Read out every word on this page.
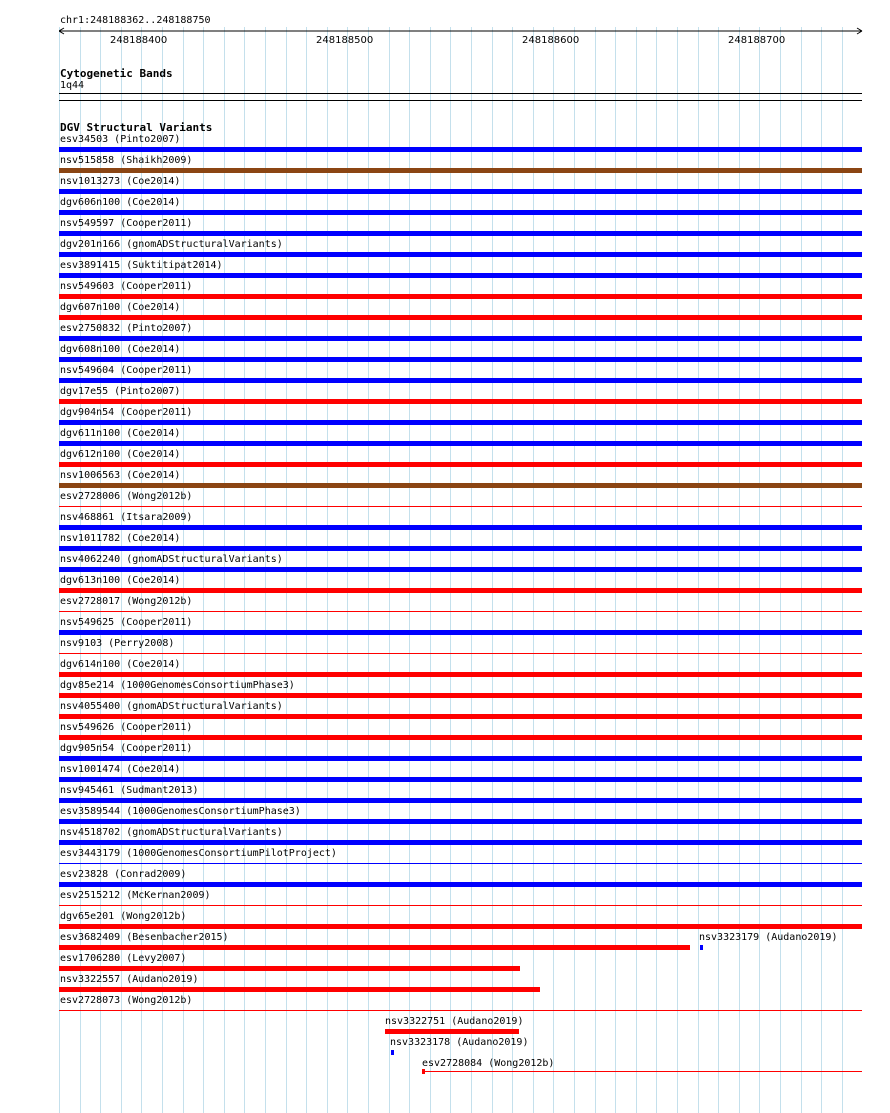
chr1:248188362..248188750
248188400	248188500	248188600	248188700
Cytogenetic Bands
1q44
DGV Structural Variants
esv34503 (Pinto2007)
nsv515858 (Shaikh2009)
nsv1013273 (Coe2014)
dgv606n100 (Coe2014)
nsv549597 (Cooper2011)
dgv201n166 (gnomADStructuralVariants)
esv3891415 (Suktitipat2014)
nsv549603 (Cooper2011)
dgv607n100 (Coe2014)
esv2750832 (Pinto2007)
dgv608n100 (Coe2014)
nsv549604 (Cooper2011)
dgv17e55 (Pinto2007)
dgv904n54 (Cooper2011)
dgv611n100 (Coe2014)
dgv612n100 (Coe2014)
nsv1006563 (Coe2014)
esv2728006 (Wong2012b)
nsv468861 (Itsara2009)
nsv1011782 (Coe2014)
nsv4062240 (gnomADStructuralVariants)
dgv613n100 (Coe2014)
esv2728017 (Wong2012b)
nsv549625 (Cooper2011)
nsv9103 (Perry2008)
dgv614n100 (Coe2014)
dgv85e214 (1000GenomesConsortiumPhase3)
nsv4055400 (gnomADStructuralVariants)
nsv549626 (Cooper2011)
dgv905n54 (Cooper2011)
nsv1001474 (Coe2014)
nsv945461 (Sudmant2013)
esv3589544 (1000GenomesConsortiumPhase3)
nsv4518702 (gnomADStructuralVariants)
esv3443179 (1000GenomesConsortiumPilotProject)
esv23828 (Conrad2009)
esv2515212 (McKernan2009)
dgv65e201 (Wong2012b)
esv3682409 (Besenbacher2015)
esv1706280 (Levy2007)
nsv3322557 (Audano2019)
esv2728073 (Wong2012b)
nsv3323179 (Audano2019)
nsv3322751 (Audano2019)
nsv3323178 (Audano2019)
esv2728084 (Wong2012b)
